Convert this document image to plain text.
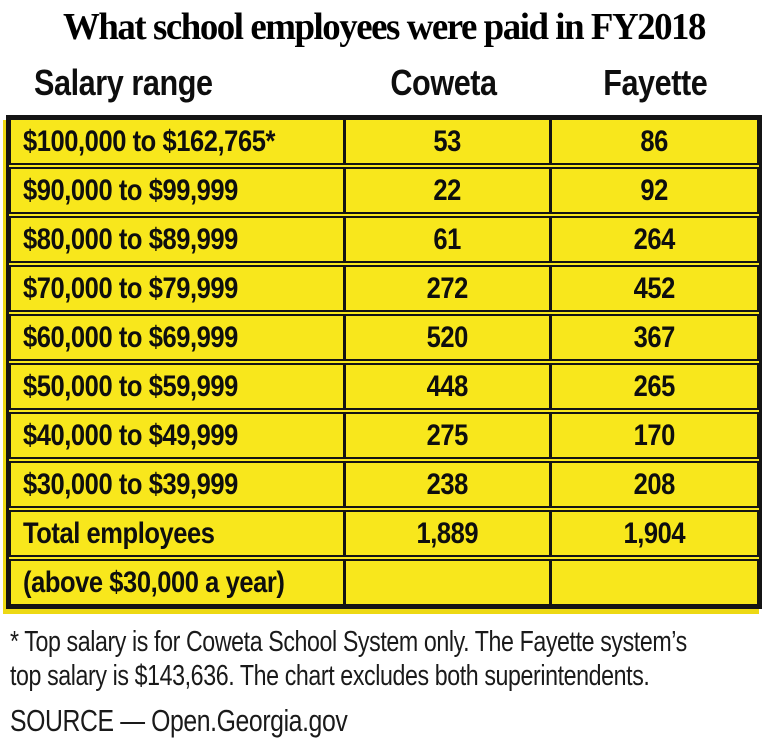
What school employees were paid in FY2018
Salary range	Coweta	Fayette
$100,000 to $162,765*	53	86
$90,000 to $99,999	22	92
$80,000 to $89,999	61	264
$70,000 to $79,999	272	452
$60,000 to $69,999	520	367
$50,000 to $59,999	448	265
$40,000 to $49,999	275	170
$30,000 to $39,999	238	208
Total employees	1,889	1,904
(above $30,000 a year)
* Top salary is for Coweta School System only. The Fayette system’s
top salary is $143,636. The chart excludes both superintendents.
SOURCE — Open.Georgia.gov
